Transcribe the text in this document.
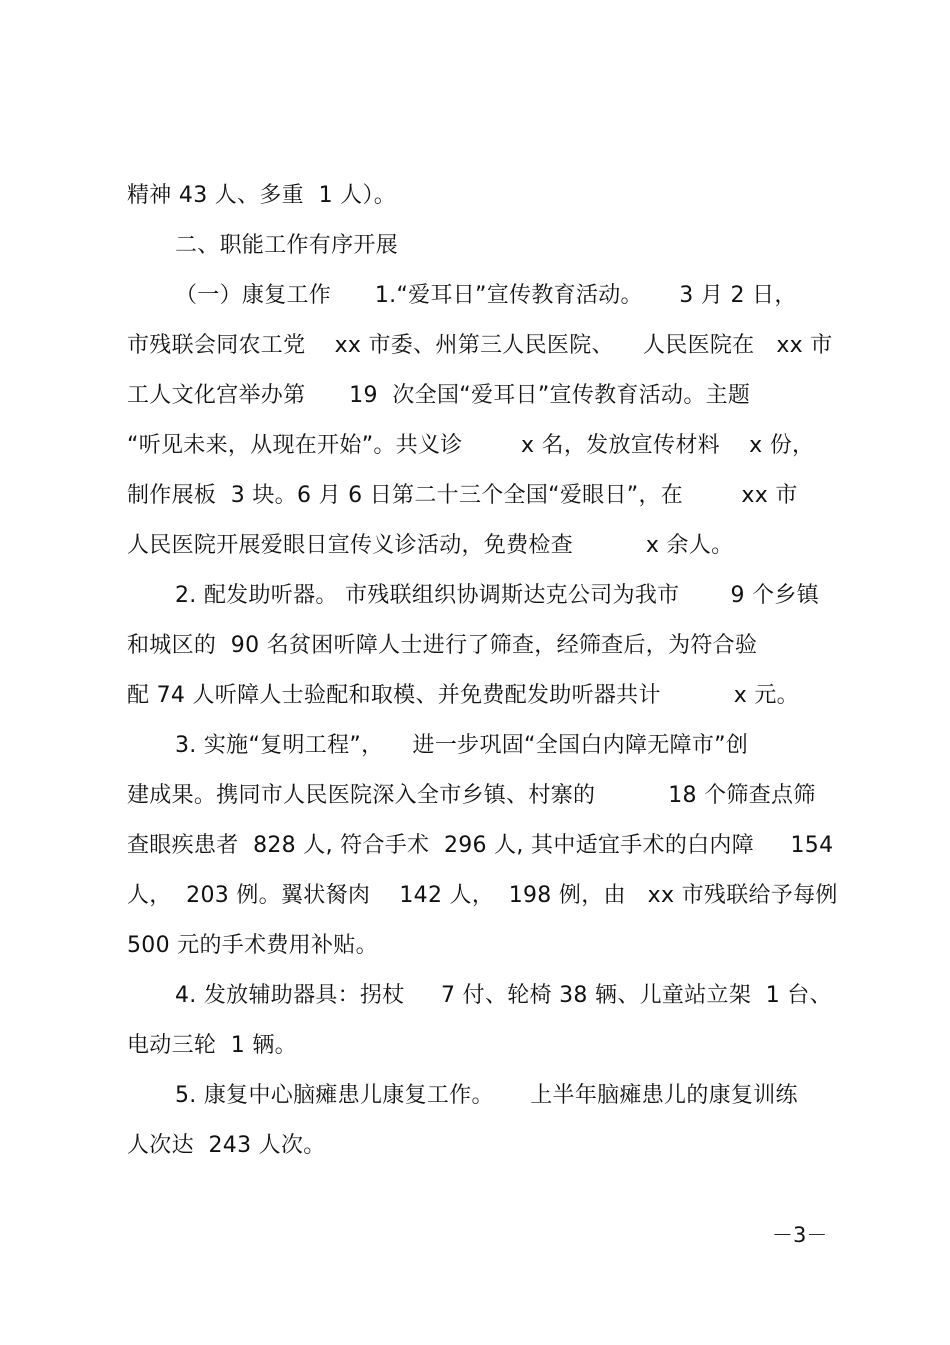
精神 43 人、多重  1 人）。
二、职能工作有序开展
（一）康复工作      1.“爱耳日”宣传教育活动。     3 月 2 日，
市残联会同农工党    xx 市委、州第三人民医院、    人民医院在   xx 市
工人文化宫举办第      19  次全国“爱耳日”宣传教育活动。主题
“听见未来，从现在开始”。共义诊        x 名，发放宣传材料    x 份，
制作展板  3 块。6 月 6 日第二十三个全国“爱眼日”，在        xx 市
人民医院开展爱眼日宣传义诊活动，免费检查          x 余人。
2. 配发助听器。 市残联组织协调斯达克公司为我市       9 个乡镇
和城区的  90 名贫困听障人士进行了筛查，经筛查后，为符合验
配 74 人听障人士验配和取模、并免费配发助听器共计          x 元。
3. 实施“复明工程”，    进一步巩固“全国白内障无障市”创
建成果。携同市人民医院深入全市乡镇、村寨的          18 个筛查点筛
查眼疾患者  828 人, 符合手术  296 人, 其中适宜手术的白内障     154
人，  203 例。翼状胬肉    142 人，  198 例，由   xx 市残联给予每例
500 元的手术费用补贴。
4. 发放辅助器具：拐杖     7 付、轮椅 38 辆、儿童站立架  1 台、
电动三轮  1 辆。
5. 康复中心脑瘫患儿康复工作。     上半年脑瘫患儿的康复训练
人次达  243 人次。
－3－
